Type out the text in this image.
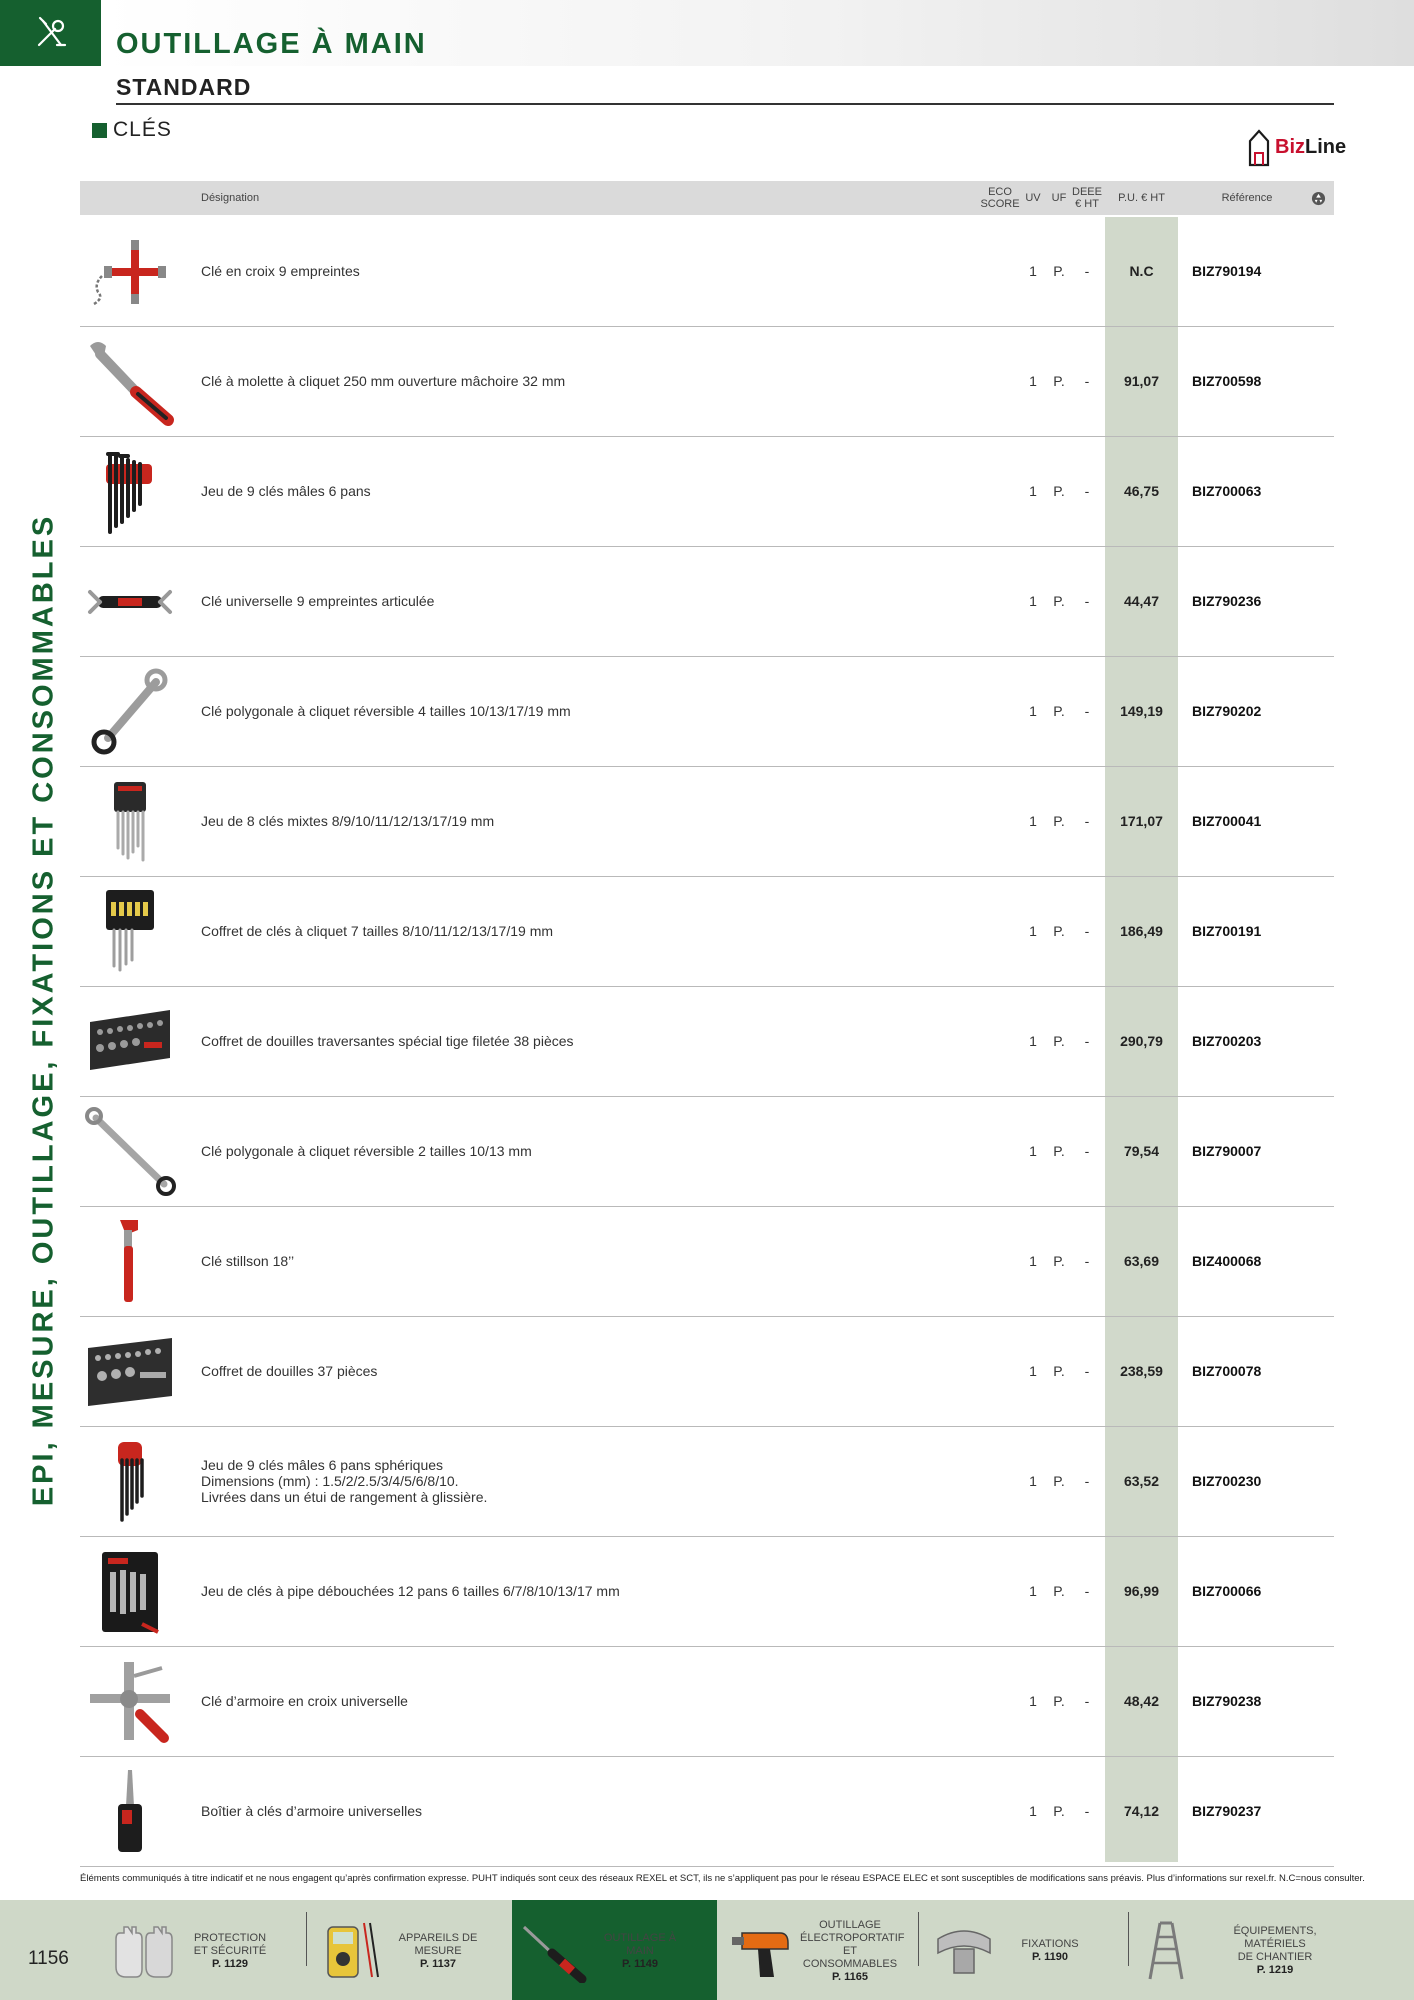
OUTILLAGE À MAIN
STANDARD
CLÉS
BizLine
EPI, MESURE, OUTILLAGE, FIXATIONS ET CONSOMMABLES
Désignation	ECO
SCORE UV	UF DEEE
€ HT	P.U. € HT	Référence
Clé en croix 9 empreintes	1	P.	-	N.C	BIZ790194
Clé à molette à cliquet 250 mm ouverture mâchoire 32 mm	1	P.	-	91,07	BIZ700598
Jeu de 9 clés mâles 6 pans	1	P.	-	46,75	BIZ700063
Clé universelle 9 empreintes articulée	1	P.	-	44,47	BIZ790236
Clé polygonale à cliquet réversible 4 tailles 10/13/17/19 mm	1	P.	-	149,19	BIZ790202
Jeu de 8 clés mixtes 8/9/10/11/12/13/17/19 mm	1	P.	-	171,07	BIZ700041
Coffret de clés à cliquet 7 tailles 8/10/11/12/13/17/19 mm	1	P.	-	186,49	BIZ700191
Coffret de douilles traversantes spécial tige filetée 38 pièces	1	P.	-	290,79	BIZ700203
Clé polygonale à cliquet réversible 2 tailles 10/13 mm	1	P.	-	79,54	BIZ790007
Clé stillson 18’’	1	P.	-	63,69	BIZ400068
Coffret de douilles 37 pièces	1	P.	-	238,59	BIZ700078
Jeu de 9 clés mâles 6 pans sphériques
Dimensions (mm) : 1.5/2/2.5/3/4/5/6/8/10.
Livrées dans un étui de rangement à glissière.
1	P.	-	63,52	BIZ700230
Jeu de clés à pipe débouchées 12 pans 6 tailles 6/7/8/10/13/17 mm	1	P.	-	96,99	BIZ700066
Clé d’armoire en croix universelle	1	P.	-	48,42	BIZ790238
Boîtier à clés d’armoire universelles	1	P.	-	74,12	BIZ790237
Éléments communiqués à titre indicatif et ne nous engagent qu’après confirmation expresse. PUHT indiqués sont ceux des réseaux REXEL et SCT, ils ne s’appliquent pas pour le réseau ESPACE ELEC et sont susceptibles de modifications sans préavis. Plus d’informations sur rexel.fr. N.C=nous consulter.
1156
PROTECTION
ET SÉCURITÉ
P. 1129
APPAREILS DE MESURE
P. 1137
OUTILLAGE À MAIN
P. 1149
OUTILLAGE
ÉLECTROPORTATIF
ET CONSOMMABLES
P. 1165
FIXATIONS
P. 1190
ÉQUIPEMENTS, MATÉRIELS
DE CHANTIER
P. 1219
